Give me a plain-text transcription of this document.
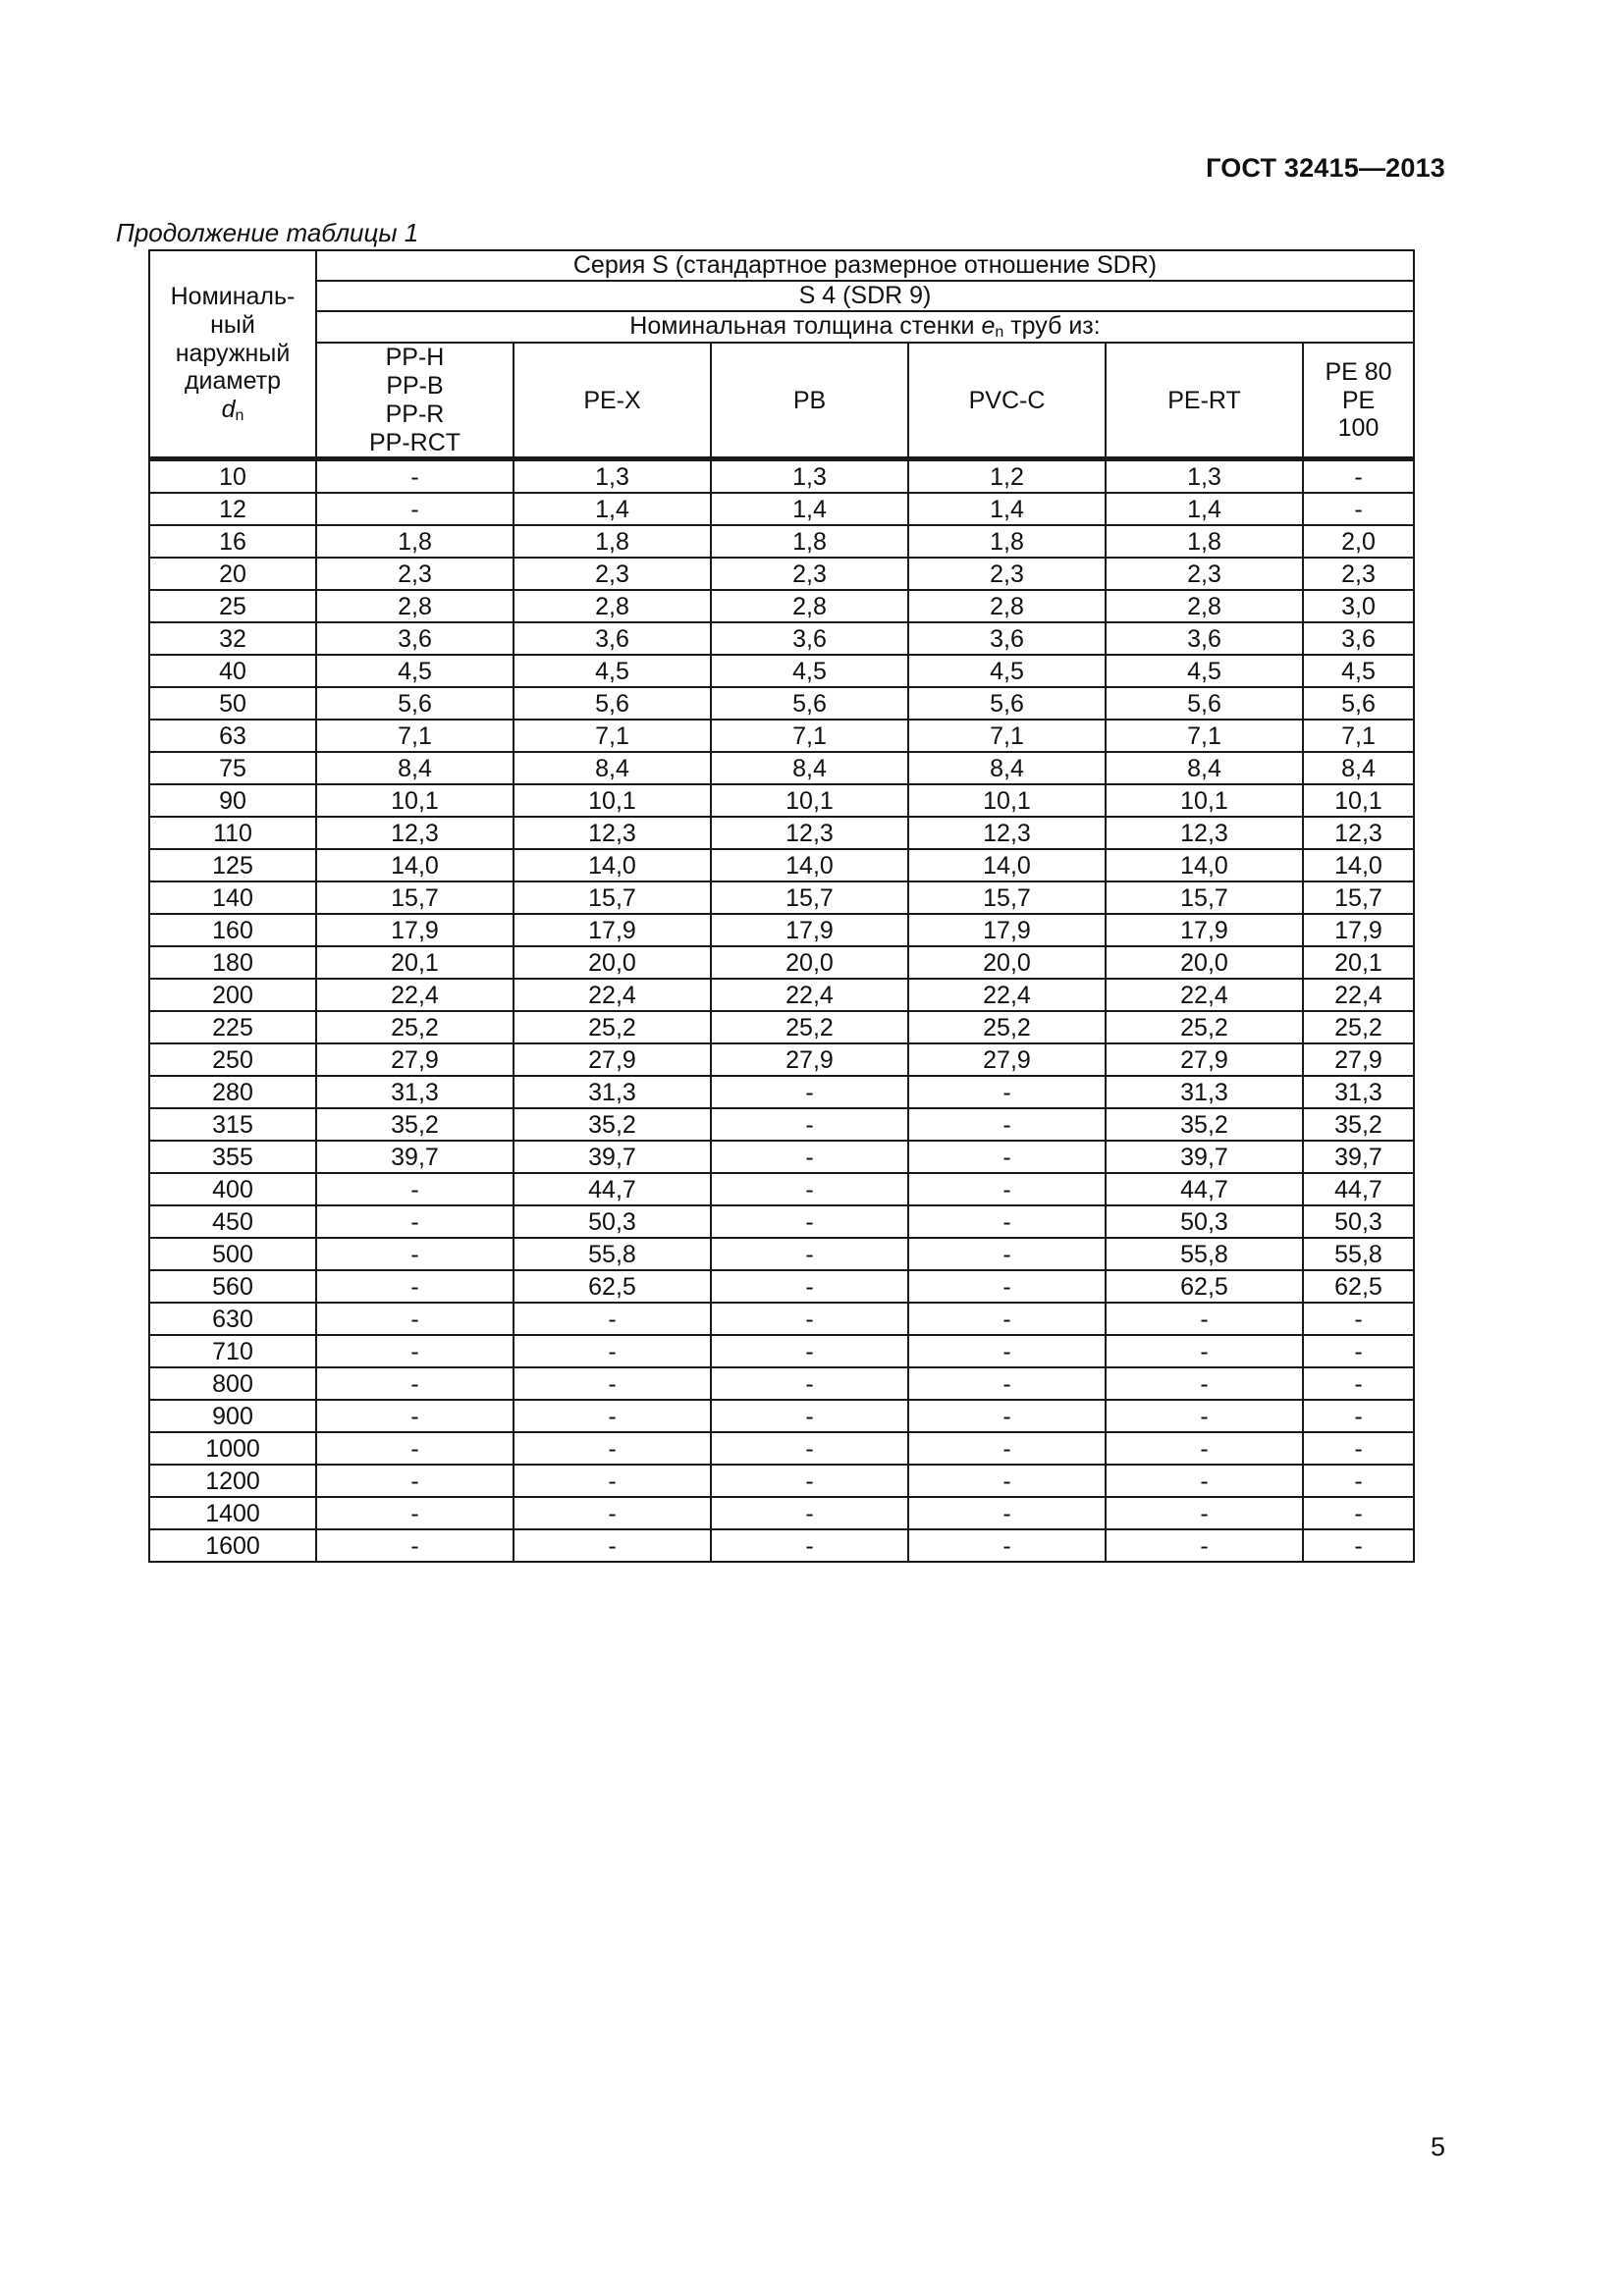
ГОСТ 32415—2013
Продолжение таблицы 1
Номиналь-
ный
наружный
диаметр
dn	Серия S (стандартное размерное отношение SDR)					
	S 4 (SDR 9)					
	Номинальная толщина стенки en труб из:					
	PP-H
PP-B
PP-R
PP-RCT	PE-X	PB	PVC-C	PE-RT	PE 80
PE
100
10	-	1,3	1,3	1,2	1,3	-
12	-	1,4	1,4	1,4	1,4	-
16	1,8	1,8	1,8	1,8	1,8	2,0
20	2,3	2,3	2,3	2,3	2,3	2,3
25	2,8	2,8	2,8	2,8	2,8	3,0
32	3,6	3,6	3,6	3,6	3,6	3,6
40	4,5	4,5	4,5	4,5	4,5	4,5
50	5,6	5,6	5,6	5,6	5,6	5,6
63	7,1	7,1	7,1	7,1	7,1	7,1
75	8,4	8,4	8,4	8,4	8,4	8,4
90	10,1	10,1	10,1	10,1	10,1	10,1
110	12,3	12,3	12,3	12,3	12,3	12,3
125	14,0	14,0	14,0	14,0	14,0	14,0
140	15,7	15,7	15,7	15,7	15,7	15,7
160	17,9	17,9	17,9	17,9	17,9	17,9
180	20,1	20,0	20,0	20,0	20,0	20,1
200	22,4	22,4	22,4	22,4	22,4	22,4
225	25,2	25,2	25,2	25,2	25,2	25,2
250	27,9	27,9	27,9	27,9	27,9	27,9
280	31,3	31,3	-	-	31,3	31,3
315	35,2	35,2	-	-	35,2	35,2
355	39,7	39,7	-	-	39,7	39,7
400	-	44,7	-	-	44,7	44,7
450	-	50,3	-	-	50,3	50,3
500	-	55,8	-	-	55,8	55,8
560	-	62,5	-	-	62,5	62,5
630	-	-	-	-	-	-
710	-	-	-	-	-	-
800	-	-	-	-	-	-
900	-	-	-	-	-	-
1000	-	-	-	-	-	-
1200	-	-	-	-	-	-
1400	-	-	-	-	-	-
1600	-	-	-	-	-	-
5
